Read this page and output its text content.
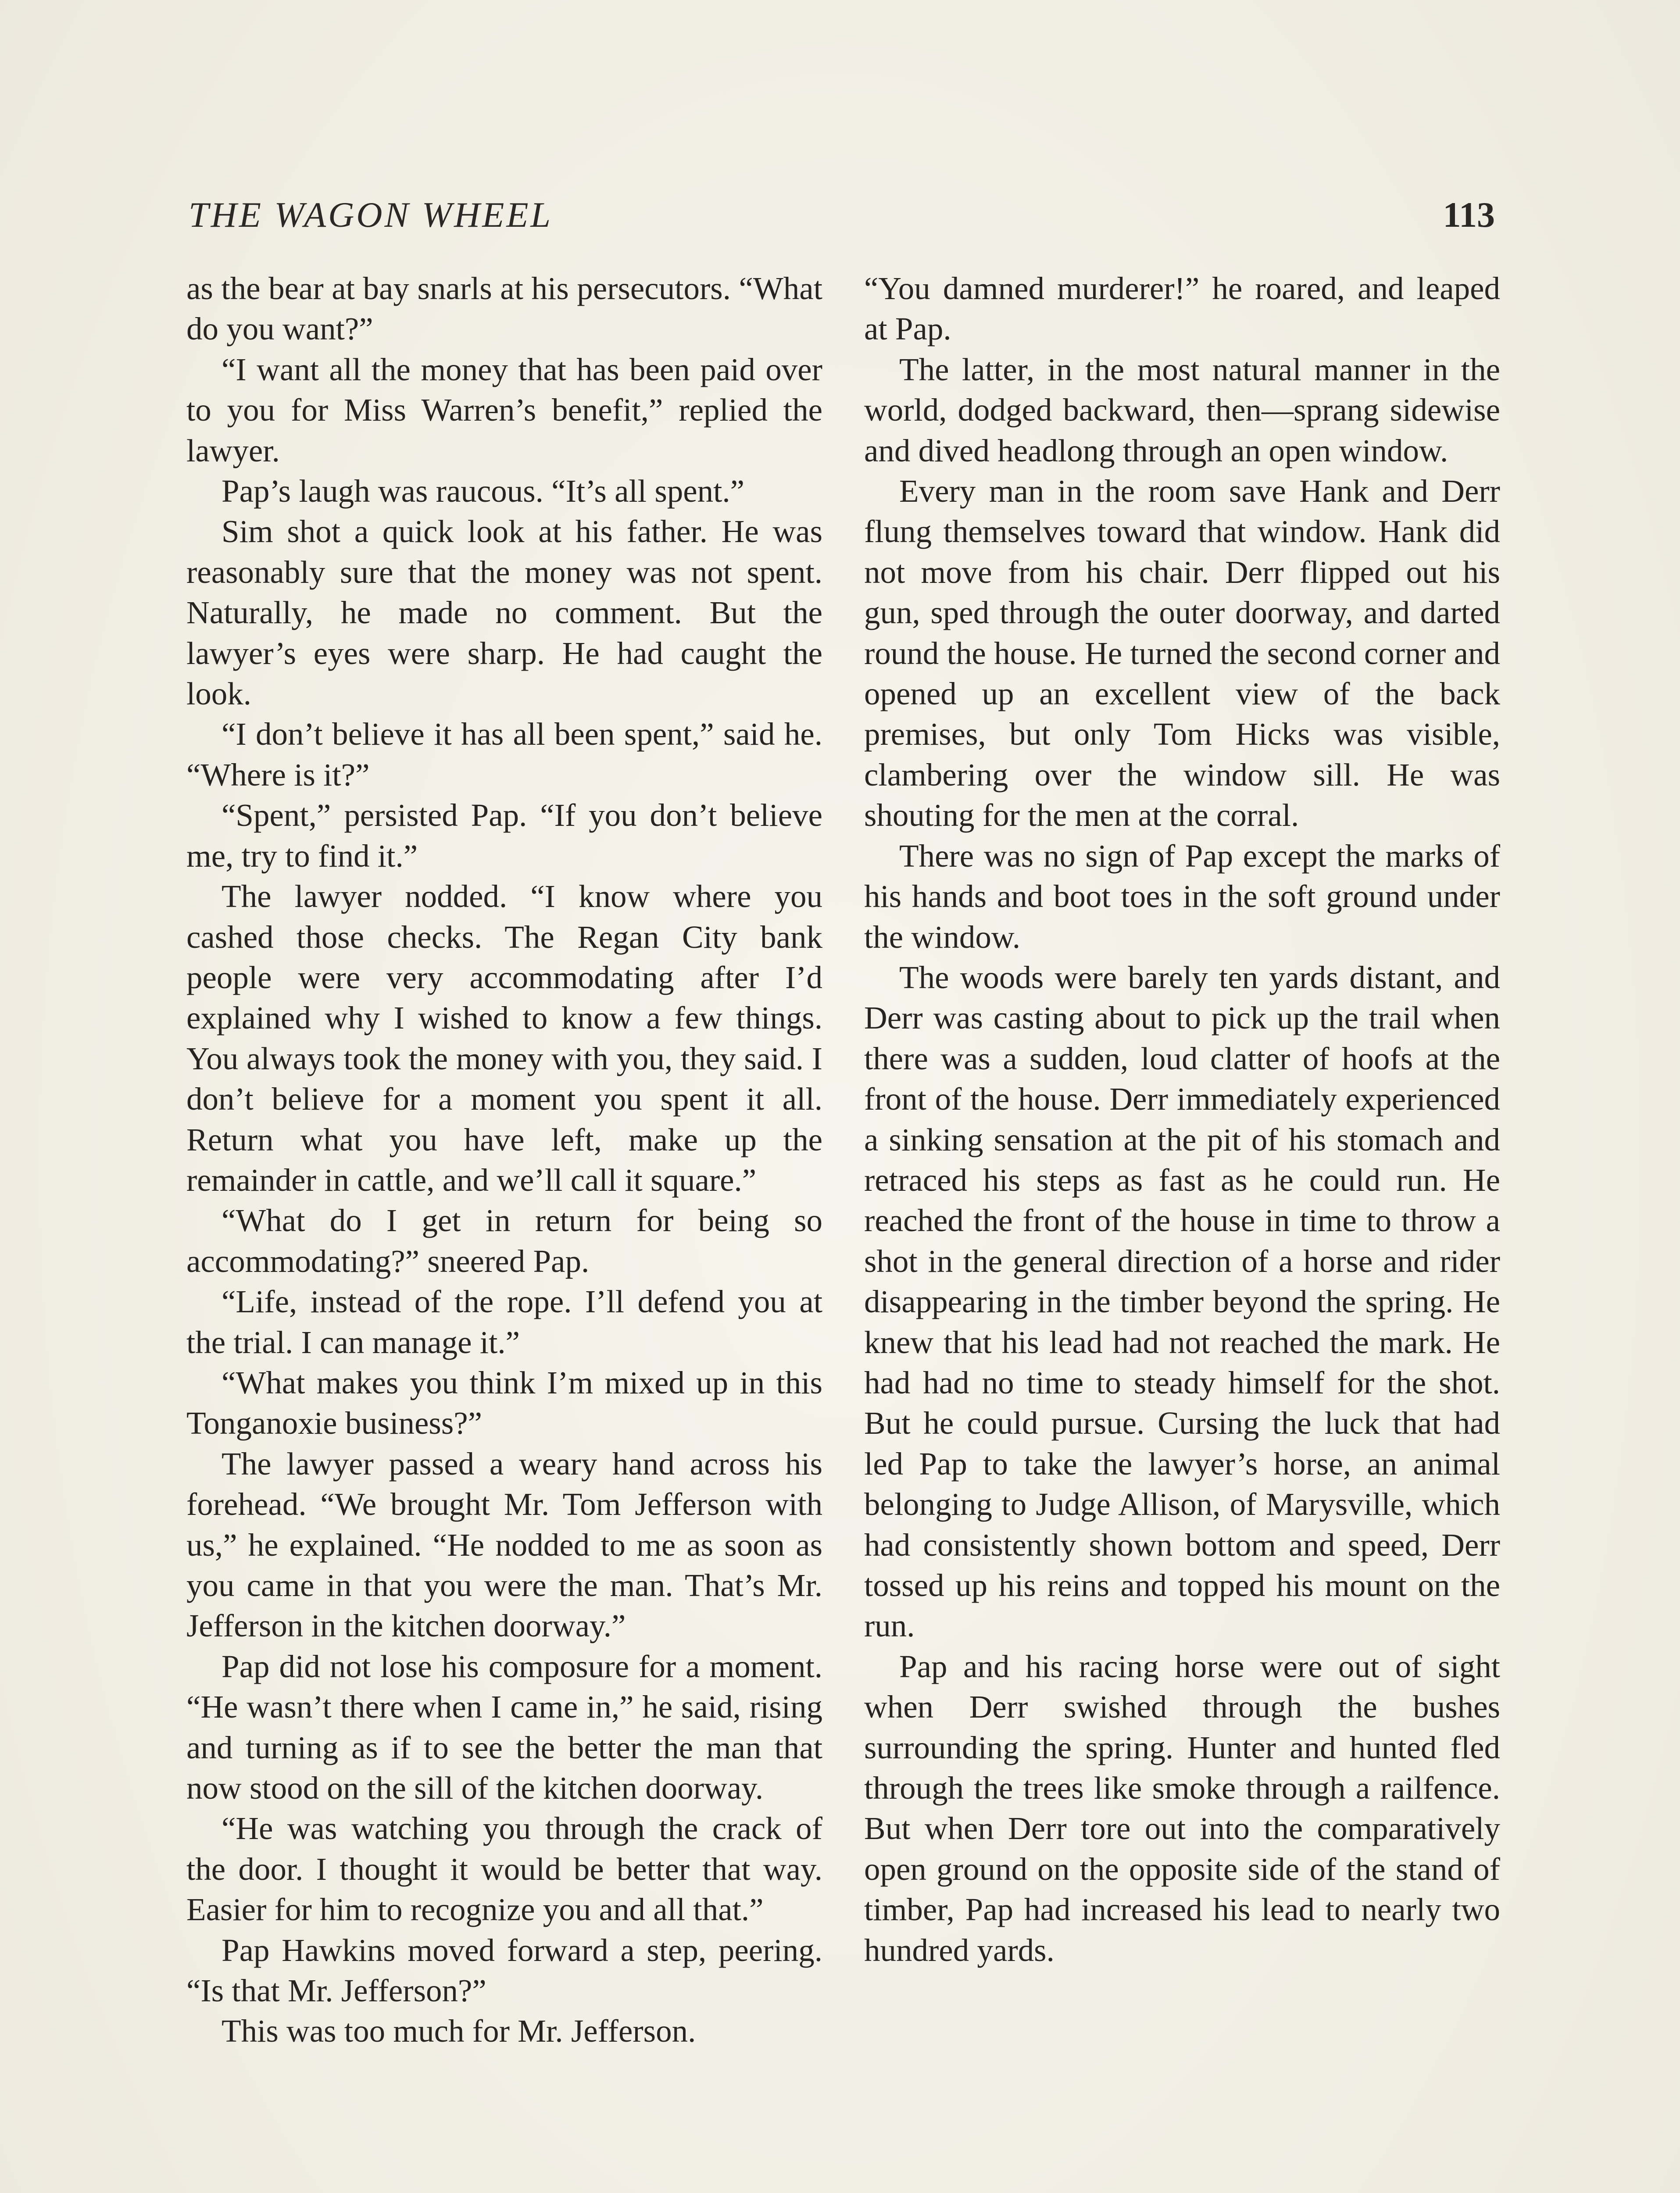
THE WAGON WHEEL	113

as the bear at bay snarls at his persecutors. “What do you want?”

“I want all the money that has been paid over to you for Miss Warren’s benefit,” replied the lawyer.

Pap’s laugh was raucous. “It’s all spent.”

Sim shot a quick look at his father. He was reasonably sure that the money was not spent. Naturally, he made no comment. But the lawyer’s eyes were sharp. He had caught the look.

“I don’t believe it has all been spent,” said he. “Where is it?”

“Spent,” persisted Pap. “If you don’t believe me, try to find it.”

The lawyer nodded. “I know where you cashed those checks. The Regan City bank people were very accommodating after I’d explained why I wished to know a few things. You always took the money with you, they said. I don’t believe for a moment you spent it all. Return what you have left, make up the remainder in cattle, and we’ll call it square.”

“What do I get in return for being so accommodating?” sneered Pap.

“Life, instead of the rope. I’ll defend you at the trial. I can manage it.”

“What makes you think I’m mixed up in this Tonganoxie business?”

The lawyer passed a weary hand across his forehead. “We brought Mr. Tom Jefferson with us,” he explained. “He nodded to me as soon as you came in that you were the man. That’s Mr. Jefferson in the kitchen doorway.”

Pap did not lose his composure for a moment. “He wasn’t there when I came in,” he said, rising and turning as if to see the better the man that now stood on the sill of the kitchen doorway.

“He was watching you through the crack of the door. I thought it would be better that way. Easier for him to recognize you and all that.”

Pap Hawkins moved forward a step, peering. “Is that Mr. Jefferson?”

This was too much for Mr. Jefferson.

“You damned murderer!” he roared, and leaped at Pap.

The latter, in the most natural manner in the world, dodged backward, then—sprang sidewise and dived headlong through an open window.

Every man in the room save Hank and Derr flung themselves toward that window. Hank did not move from his chair. Derr flipped out his gun, sped through the outer doorway, and darted round the house. He turned the second corner and opened up an excellent view of the back premises, but only Tom Hicks was visible, clambering over the window sill. He was shouting for the men at the corral.

There was no sign of Pap except the marks of his hands and boot toes in the soft ground under the window.

The woods were barely ten yards distant, and Derr was casting about to pick up the trail when there was a sudden, loud clatter of hoofs at the front of the house. Derr immediately experienced a sinking sensation at the pit of his stomach and retraced his steps as fast as he could run. He reached the front of the house in time to throw a shot in the general direction of a horse and rider disappearing in the timber beyond the spring. He knew that his lead had not reached the mark. He had had no time to steady himself for the shot. But he could pursue. Cursing the luck that had led Pap to take the lawyer’s horse, an animal belonging to Judge Allison, of Marysville, which had consistently shown bottom and speed, Derr tossed up his reins and topped his mount on the run.

Pap and his racing horse were out of sight when Derr swished through the bushes surrounding the spring. Hunter and hunted fled through the trees like smoke through a railfence. But when Derr tore out into the comparatively open ground on the opposite side of the stand of timber, Pap had increased his lead to nearly two hundred yards.
